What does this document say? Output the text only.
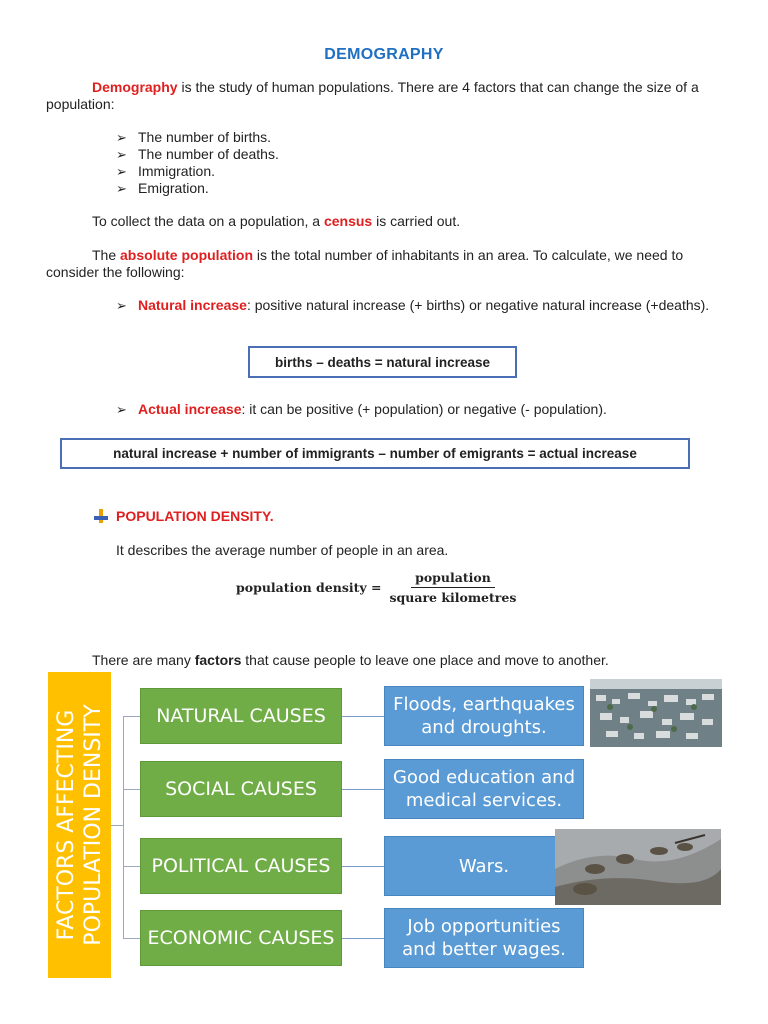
DEMOGRAPHY
Demography is the study of human populations. There are 4 factors that can change the size of a population:
➢ The number of births.
➢ The number of deaths.
➢ Immigration.
➢ Emigration.
To collect the data on a population, a census is carried out.
The absolute population is the total number of inhabitants in an area. To calculate, we need to consider the following:
➢ Natural increase: positive natural increase (+ births) or negative natural increase (+deaths).
births – deaths = natural increase
➢ Actual increase: it can be positive (+ population) or negative (- population).
natural increase + number of immigrants – number of emigrants = actual increase
POPULATION DENSITY.
It describes the average number of people in an area.
population density = $\frac{\text{population}}{\text{square kilometres}}$
There are many factors that cause people to leave one place and move to another.
FACTORS AFFECTING POPULATION DENSITY	NATURAL CAUSES
SOCIAL CAUSES
POLITICAL CAUSES
ECONOMIC CAUSES
Floods, earthquakes
and droughts.
Good education and
medical services.
Wars.
Job opportunities
and better wages.
